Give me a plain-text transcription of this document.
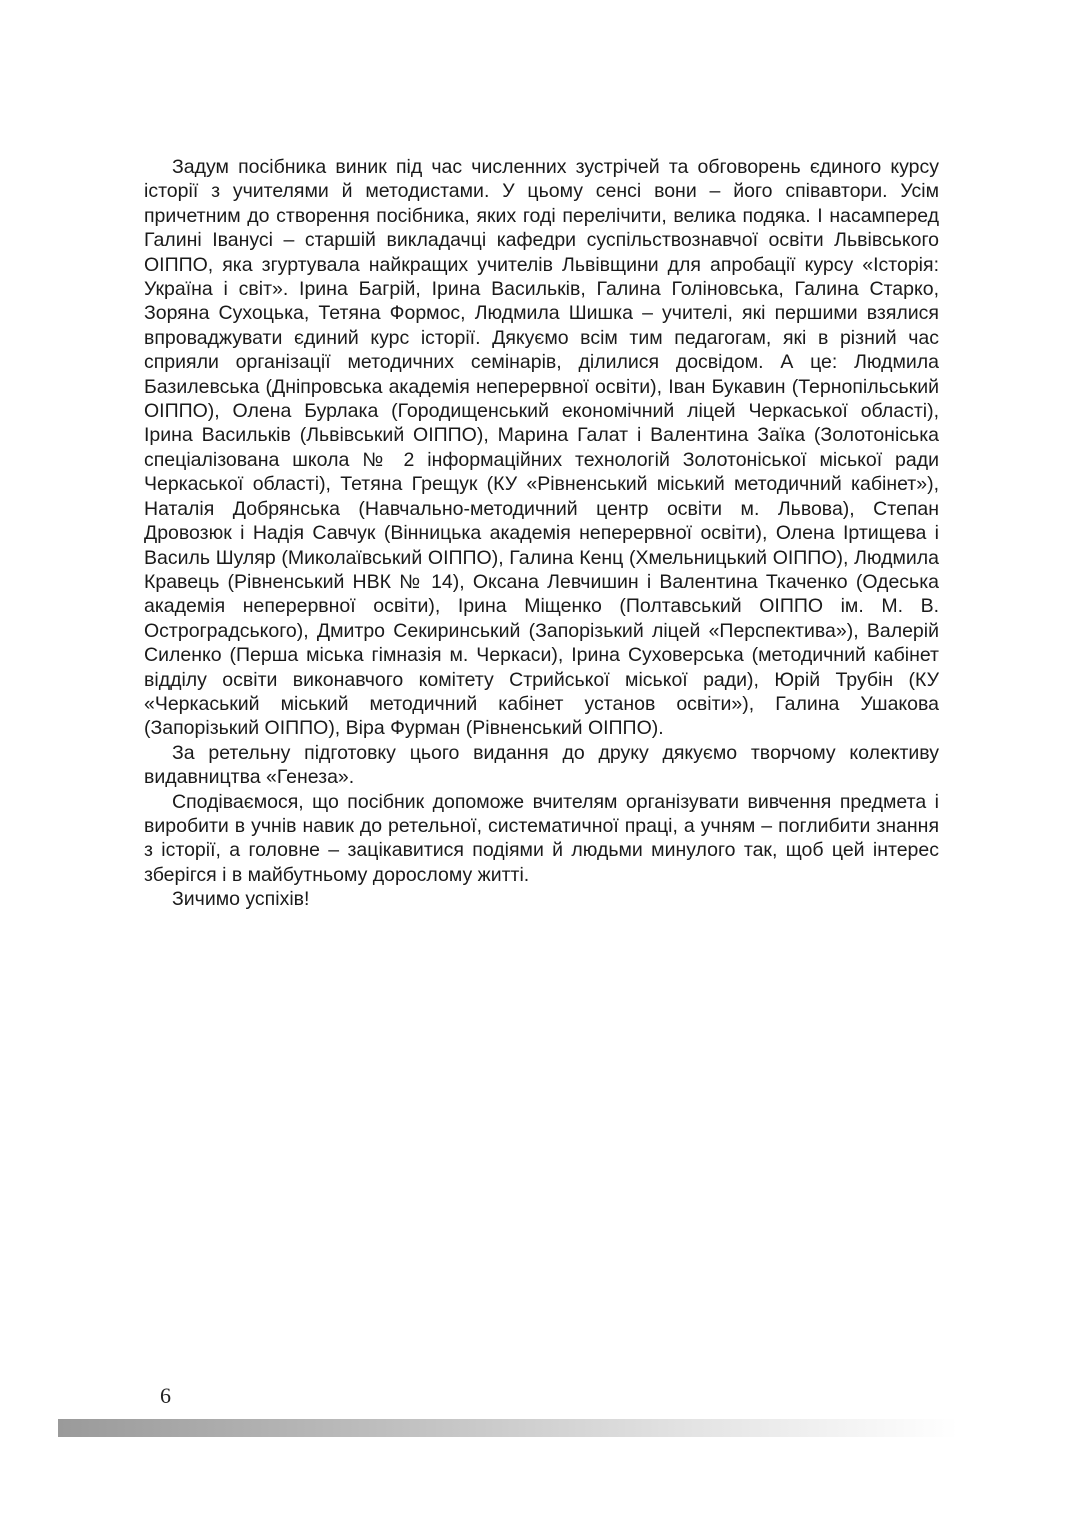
Задум посібника виник під час численних зустрічей та обговорень єдиного курсу історії з учителями й методистами. У цьому сенсі вони – його співавтори. Усім причетним до створення посібника, яких годі перелічити, велика подяка. І насамперед Галині Іванусі – старшій викладачці кафедри суспільствознавчої освіти Львівського ОІППО, яка згуртувала найкращих учителів Львівщини для апробації курсу «Історія: Україна і світ». Ірина Багрій, Ірина Васильків, Галина Голіновська, Галина Старко, Зоряна Сухоцька, Тетяна Формос, Людмила Шишка – учителі, які першими взялися впроваджувати єдиний курс історії. Дякуємо всім тим педагогам, які в різний час сприяли організації методичних семінарів, ділилися досвідом. А це: Людмила Базилевська (Дніпровська академія неперервної освіти), Іван Букавин (Тернопільський ОІППО), Олена Бурлака (Городищенський економічний ліцей Черкаської області), Ірина Васильків (Львівський ОІППО), Марина Галат і Валентина Заїка (Золотоніська спеціалізована школа № 2 інформаційних технологій Золотоніської міської ради Черкаської області), Тетяна Грещук (КУ «Рівненський міський методичний кабінет»), Наталія Добрянська (Навчально-методичний центр освіти м. Львова), Степан Дровозюк і Надія Савчук (Вінницька академія неперервної освіти), Олена Іртищева і Василь Шуляр (Миколаївський ОІППО), Галина Кенц (Хмельницький ОІППО), Людмила Кравець (Рівненський НВК № 14), Оксана Левчишин і Валентина Ткаченко (Одеська академія неперервної освіти), Ірина Міщенко (Полтавський ОІППО ім. М. В. Остроградського), Дмитро Секиринський (Запорізький ліцей «Перспектива»), Валерій Силенко (Перша міська гімназія м. Черкаси), Ірина Суховерська (методичний кабінет відділу освіти виконавчого комітету Стрийської міської ради), Юрій Трубін (КУ «Черкаський міський методичний кабінет установ освіти»), Галина Ушакова (Запорізький ОІППО), Віра Фурман (Рівненський ОІППО).

За ретельну підготовку цього видання до друку дякуємо творчому колективу видавництва «Генеза».

Сподіваємося, що посібник допоможе вчителям організувати вивчення предмета і виробити в учнів навик до ретельної, систематичної праці, а учням – поглибити знання з історії, а головне – зацікавитися подіями й людьми минулого так, щоб цей інтерес зберігся і в майбутньому дорослому житті.

Зичимо успіхів!

6
